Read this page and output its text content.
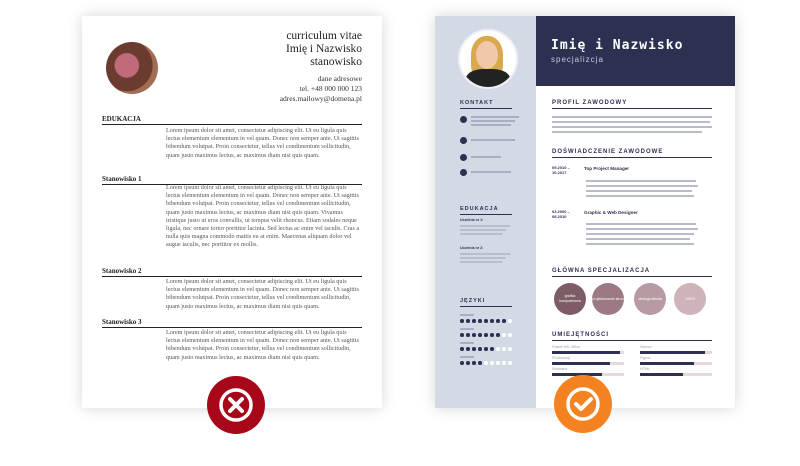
curriculum vitae
Imię i Nazwisko
stanowisko
dane adresowe
tel. +48 000 000 123
adres.mailowy@domena.pl
EDUKACJA
Lorem ipsum dolor sit amet, consectetur adipiscing elit. Ut eu ligula quis lectus elementum elementum in vel quam. Donec non semper ante. Ut sagittis bibendum volutpat. Proin consectetur, tellus vel condimentum sollicitudin, quam justo maximus lectus, ac maximus diam nisi quis quam.
Stanowisko 1
Lorem ipsum dolor sit amet, consectetur adipiscing elit. Ut eu ligula quis lectus elementum elementum in vel quam. Donec non semper ante. Ut sagittis bibendum volutpat. Proin consectetur, tellus vel condimentum sollicitudin, quam justo maximus lectus, ac maximus diam nisi quis quam. Vivamus tristique justo ut eros convallis, ut tempus velit rhoncus. Etiam sodales neque ligula, nec ornare tortor porttitor lacinia. Sed lectus ac enim vel iaculis. Cras a nulla quis magna commodo mattis eu at enim. Maecenas aliquam dolor vel augue iaculis, nec porttitor ex mollis.
Stanowisko 2
Lorem ipsum dolor sit amet, consectetur adipiscing elit. Ut eu ligula quis lectus elementum elementum in vel quam. Donec non semper ante. Ut sagittis bibendum volutpat. Proin consectetur, tellus vel condimentum sollicitudin, quam justo maximus lectus, ac maximus diam nisi quis quam.
Stanowisko 3
Lorem ipsum dolor sit amet, consectetur adipiscing elit. Ut eu ligula quis lectus elementum elementum in vel quam. Donec non semper ante. Ut sagittis bibendum volutpat. Proin consectetur, tellus vel condimentum sollicitudin, quam justo maximus lectus, ac maximus diam nisi quis quam.
Imię i Nazwisko
specjalizcja
KONTAKT
EDUKACJA
Uczelnia nr 1:
Uczelnia nr 2:
JĘZYKI
PROFIL ZAWODOWY
DOŚWIADCZENIE ZAWODOWE
09.2010 – 10.2017
Top Project Manager
03.2000 – 08.2010
Graphic & Web Designer
GŁÓWNA SPECJALIZACJA
grafika komputerowa
projektowanie stron	obsługa klienta	UX/UI
UMIEJĘTNOŚCI
Pakiet MS Office
Photoshop
Illustrator
Sketch
Figma
HTML
